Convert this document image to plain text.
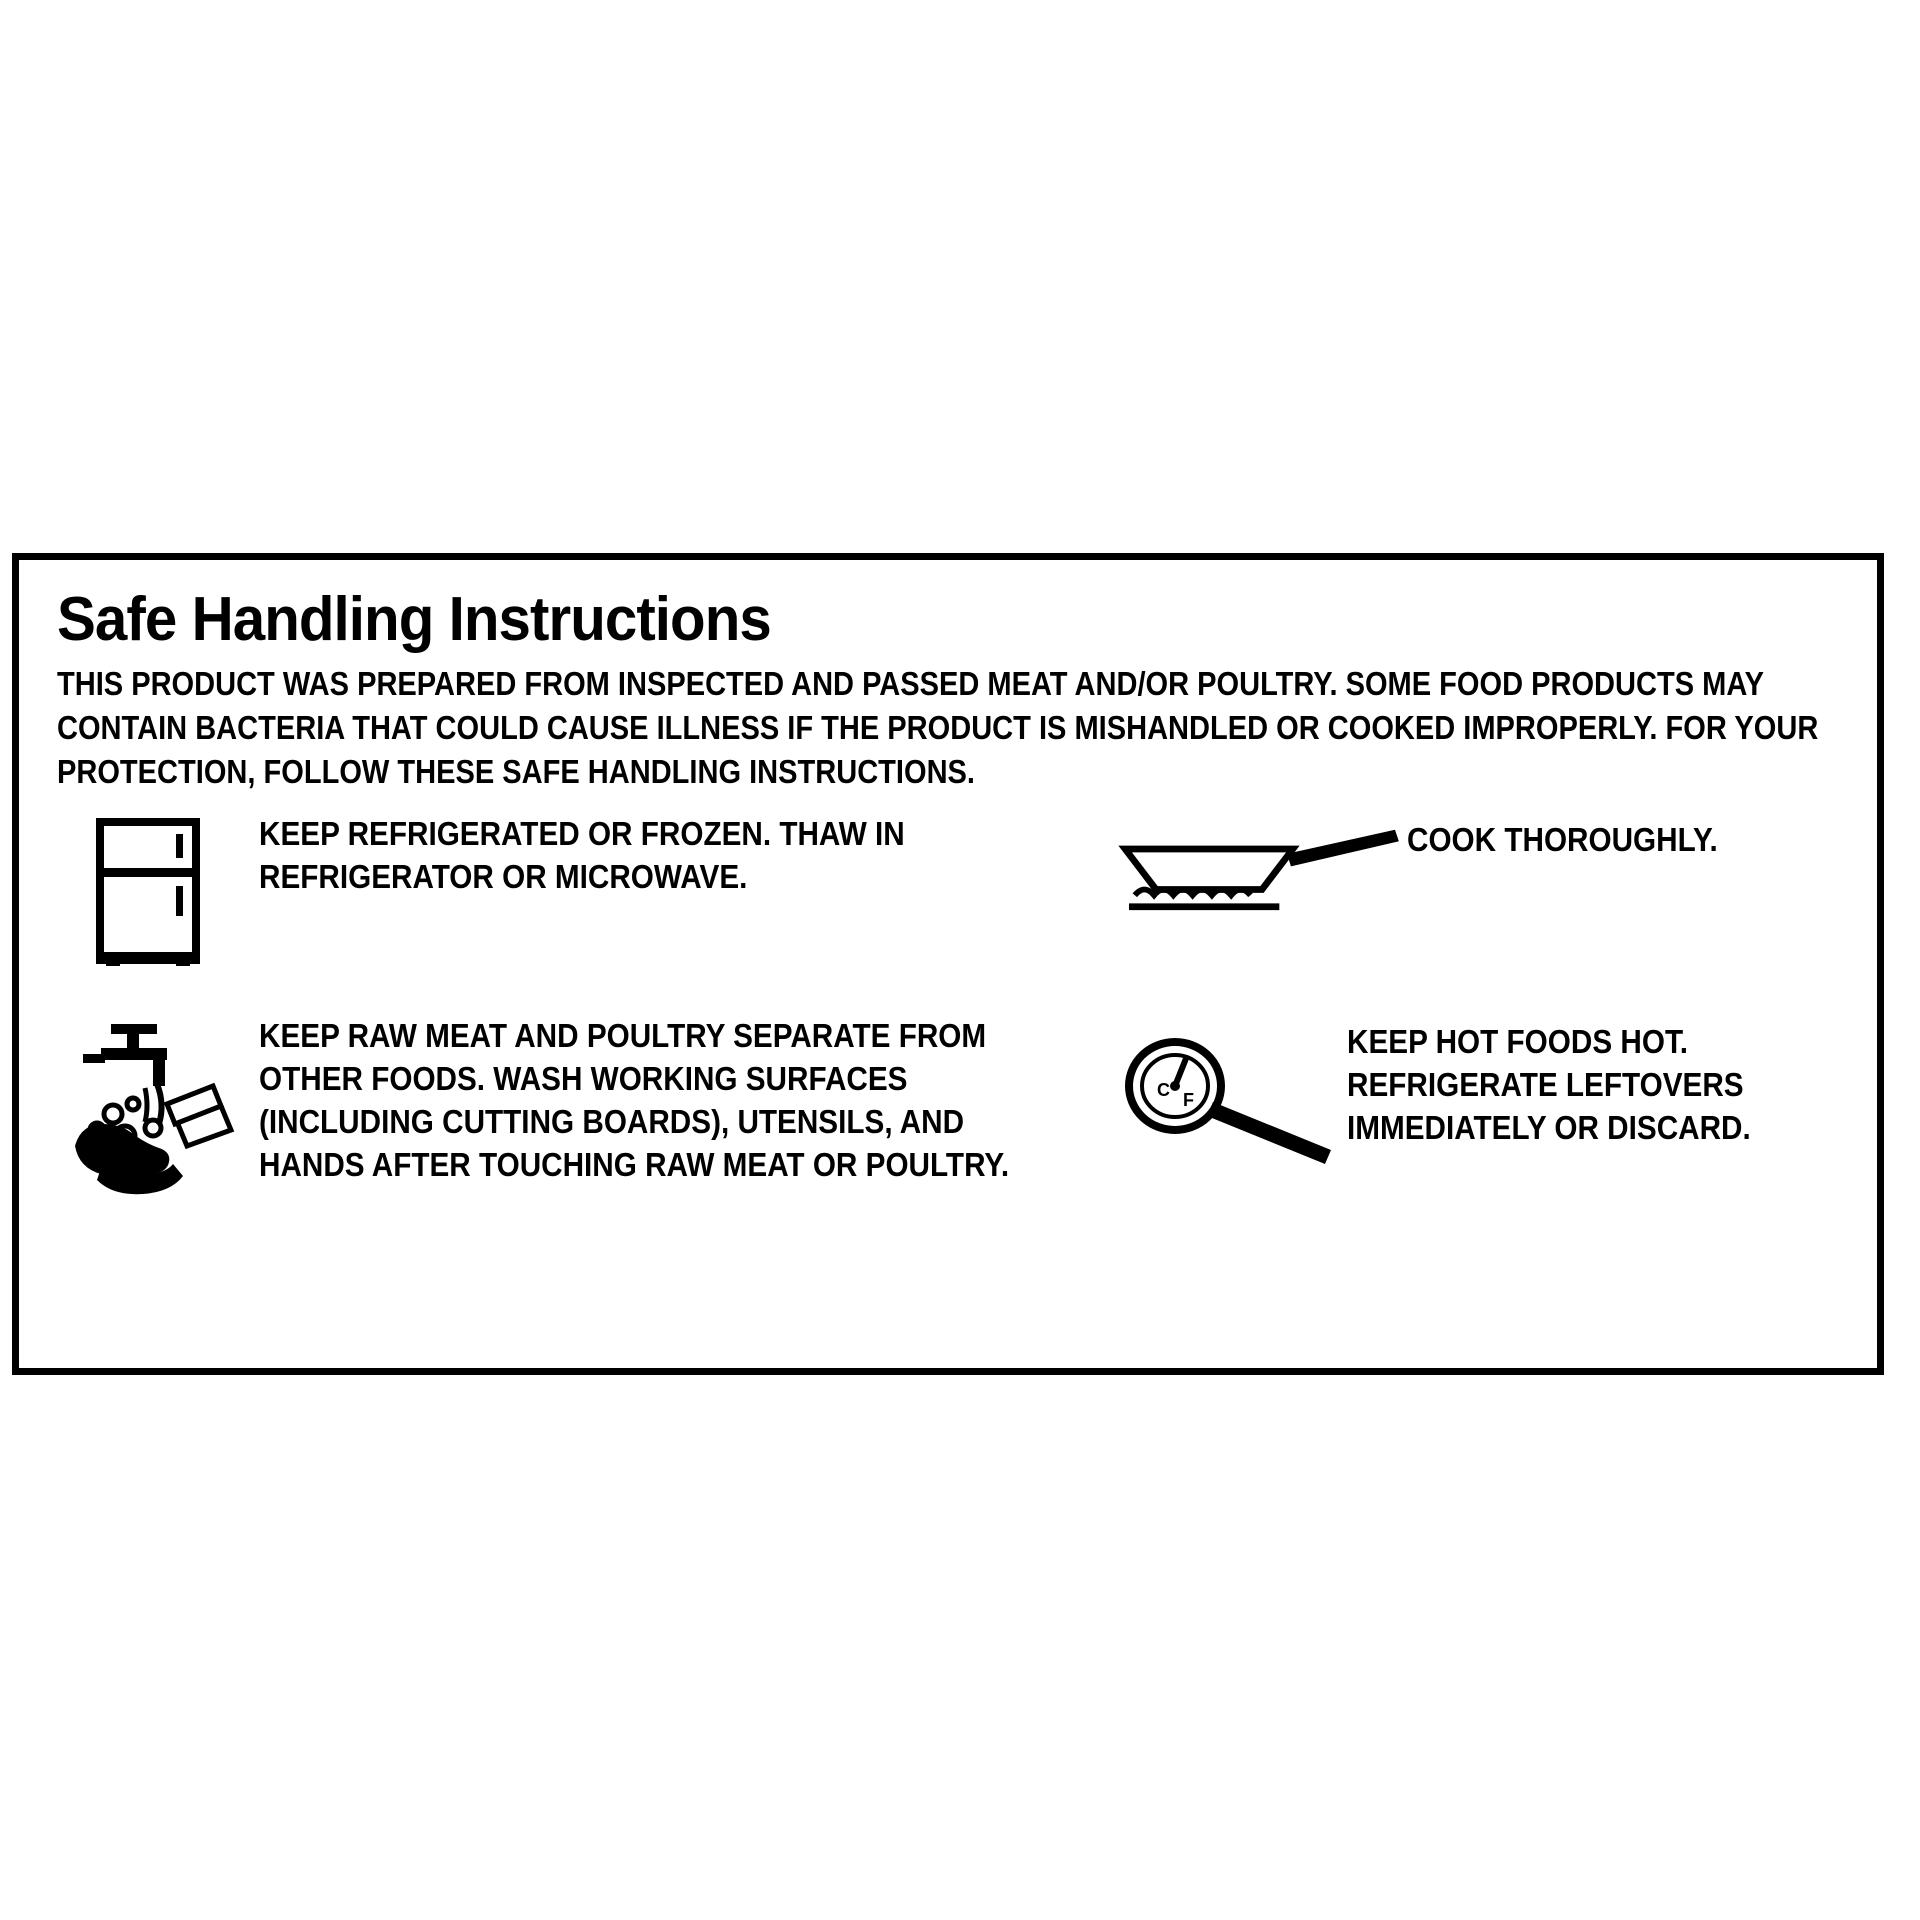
Safe Handling Instructions

THIS PRODUCT WAS PREPARED FROM INSPECTED AND PASSED MEAT AND/OR POULTRY. SOME FOOD PRODUCTS MAY CONTAIN BACTERIA THAT COULD CAUSE ILLNESS IF THE PRODUCT IS MISHANDLED OR COOKED IMPROPERLY. FOR YOUR PROTECTION, FOLLOW THESE SAFE HANDLING INSTRUCTIONS.

KEEP REFRIGERATED OR FROZEN. THAW IN REFRIGERATOR OR MICROWAVE.
COOK THOROUGHLY.
KEEP RAW MEAT AND POULTRY SEPARATE FROM OTHER FOODS. WASH WORKING SURFACES (INCLUDING CUTTING BOARDS), UTENSILS, AND HANDS AFTER TOUCHING RAW MEAT OR POULTRY.
C F
KEEP HOT FOODS HOT. REFRIGERATE LEFTOVERS IMMEDIATELY OR DISCARD.
